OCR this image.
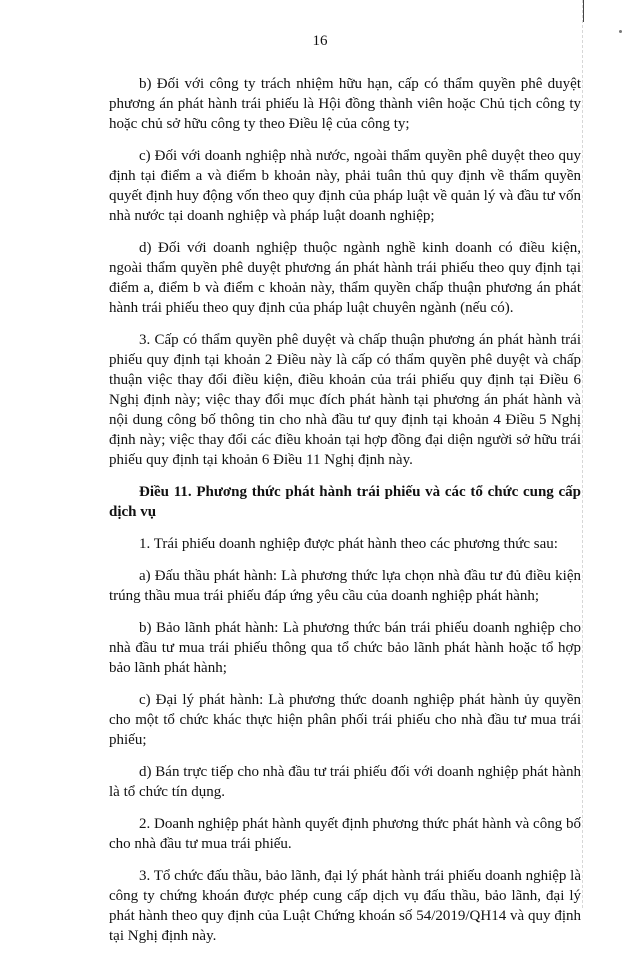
16

b) Đối với công ty trách nhiệm hữu hạn, cấp có thẩm quyền phê duyệt phương án phát hành trái phiếu là Hội đồng thành viên hoặc Chủ tịch công ty hoặc chủ sở hữu công ty theo Điều lệ của công ty;

c) Đối với doanh nghiệp nhà nước, ngoài thẩm quyền phê duyệt theo quy định tại điểm a và điểm b khoản này, phải tuân thủ quy định về thẩm quyền quyết định huy động vốn theo quy định của pháp luật về quản lý và đầu tư vốn nhà nước tại doanh nghiệp và pháp luật doanh nghiệp;

d) Đối với doanh nghiệp thuộc ngành nghề kinh doanh có điều kiện, ngoài thẩm quyền phê duyệt phương án phát hành trái phiếu theo quy định tại điểm a, điểm b và điểm c khoản này, thẩm quyền chấp thuận phương án phát hành trái phiếu theo quy định của pháp luật chuyên ngành (nếu có).

3. Cấp có thẩm quyền phê duyệt và chấp thuận phương án phát hành trái phiếu quy định tại khoản 2 Điều này là cấp có thẩm quyền phê duyệt và chấp thuận việc thay đổi điều kiện, điều khoản của trái phiếu quy định tại Điều 6 Nghị định này; việc thay đổi mục đích phát hành tại phương án phát hành và nội dung công bố thông tin cho nhà đầu tư quy định tại khoản 4 Điều 5 Nghị định này; việc thay đổi các điều khoản tại hợp đồng đại diện người sở hữu trái phiếu quy định tại khoản 6 Điều 11 Nghị định này.

Điều 11. Phương thức phát hành trái phiếu và các tổ chức cung cấp dịch vụ

1. Trái phiếu doanh nghiệp được phát hành theo các phương thức sau:

a) Đấu thầu phát hành: Là phương thức lựa chọn nhà đầu tư đủ điều kiện trúng thầu mua trái phiếu đáp ứng yêu cầu của doanh nghiệp phát hành;

b) Bảo lãnh phát hành: Là phương thức bán trái phiếu doanh nghiệp cho nhà đầu tư mua trái phiếu thông qua tổ chức bảo lãnh phát hành hoặc tổ hợp bảo lãnh phát hành;

c) Đại lý phát hành: Là phương thức doanh nghiệp phát hành ủy quyền cho một tổ chức khác thực hiện phân phối trái phiếu cho nhà đầu tư mua trái phiếu;

d) Bán trực tiếp cho nhà đầu tư trái phiếu đối với doanh nghiệp phát hành là tổ chức tín dụng.

2. Doanh nghiệp phát hành quyết định phương thức phát hành và công bố cho nhà đầu tư mua trái phiếu.

3. Tổ chức đấu thầu, bảo lãnh, đại lý phát hành trái phiếu doanh nghiệp là công ty chứng khoán được phép cung cấp dịch vụ đấu thầu, bảo lãnh, đại lý phát hành theo quy định của Luật Chứng khoán số 54/2019/QH14 và quy định tại Nghị định này.
